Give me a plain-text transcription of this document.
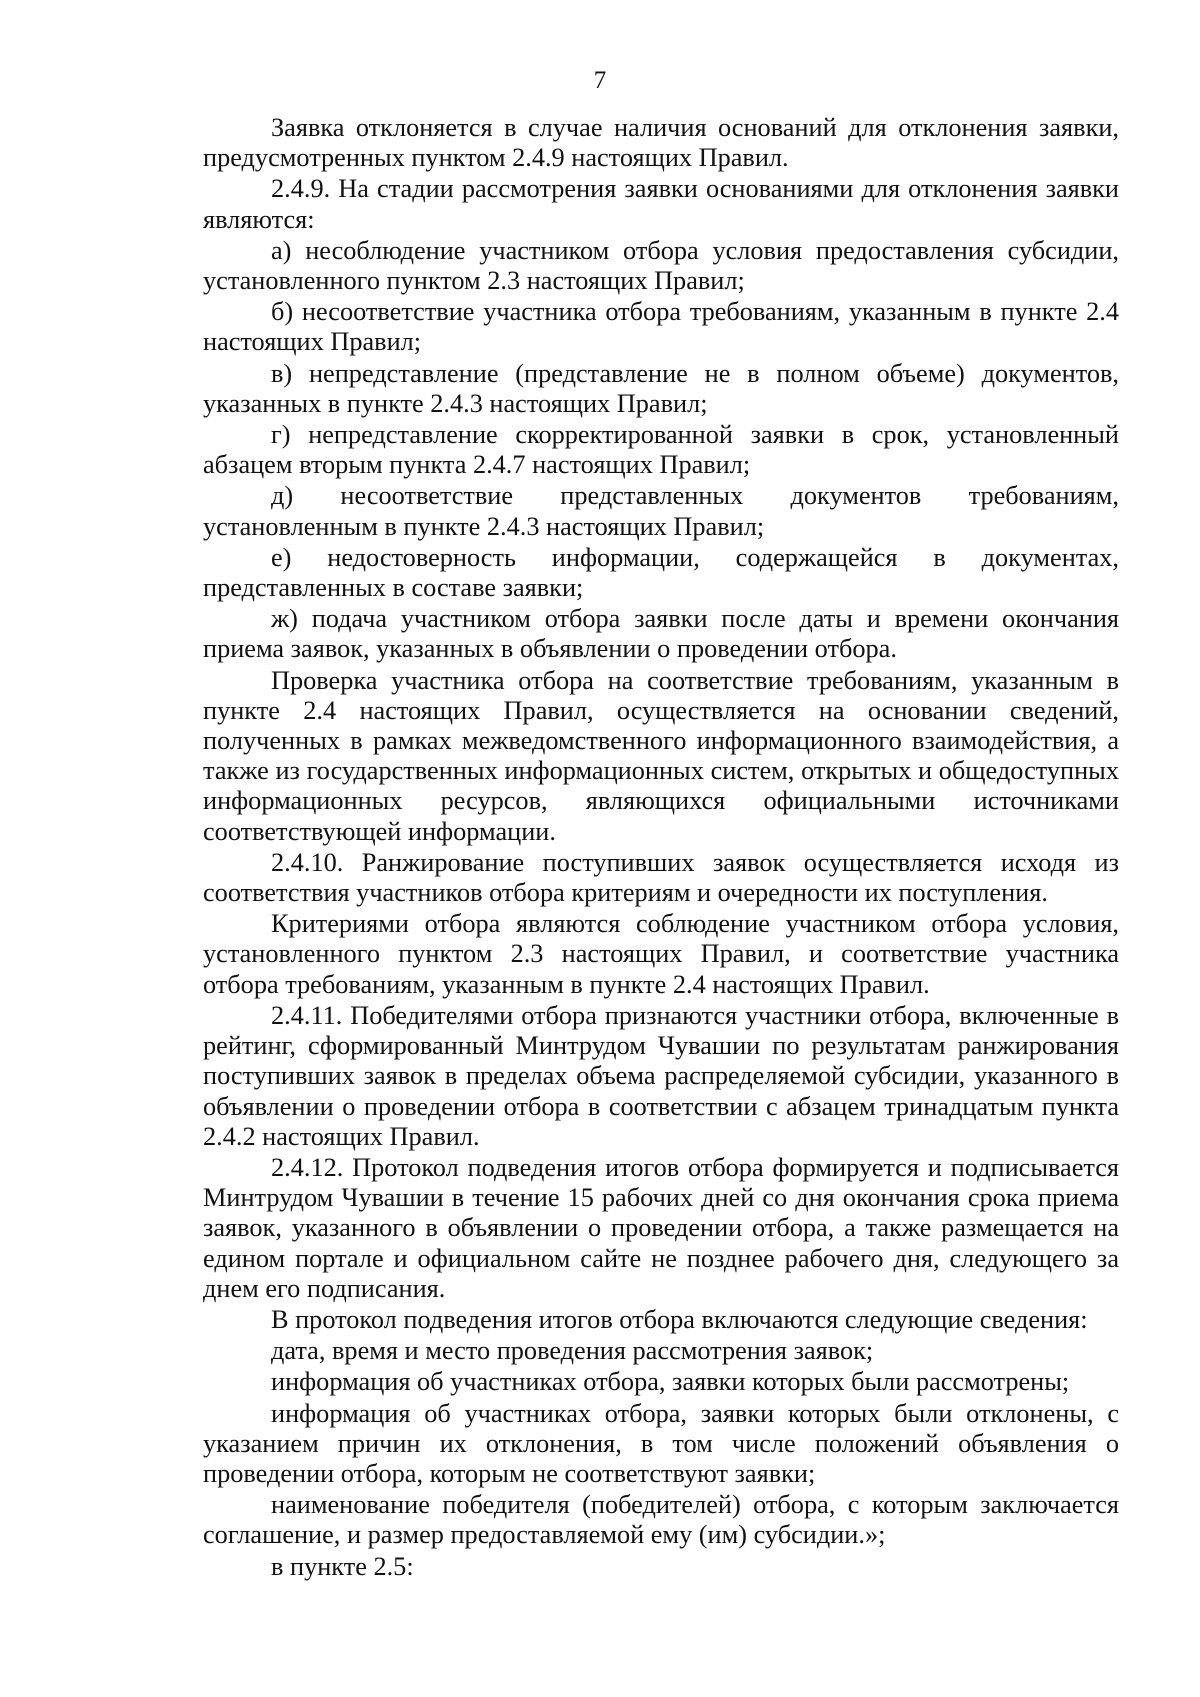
7

Заявка отклоняется в случае наличия оснований для отклонения заявки, предусмотренных пунктом 2.4.9 настоящих Правил.

2.4.9. На стадии рассмотрения заявки основаниями для отклонения заявки являются:

а) несоблюдение участником отбора условия предоставления субсидии, установленного пунктом 2.3 настоящих Правил;

б) несоответствие участника отбора требованиям, указанным в пункте 2.4 настоящих Правил;

в) непредставление (представление не в полном объеме) документов, указанных в пункте 2.4.3 настоящих Правил;

г) непредставление скорректированной заявки в срок, установленный абзацем вторым пункта 2.4.7 настоящих Правил;

д) несоответствие представленных документов требованиям, установленным в пункте 2.4.3 настоящих Правил;

е) недостоверность информации, содержащейся в документах, представленных в составе заявки;

ж) подача участником отбора заявки после даты и времени окончания приема заявок, указанных в объявлении о проведении отбора.

Проверка участника отбора на соответствие требованиям, указанным в пункте 2.4 настоящих Правил, осуществляется на основании сведений, полученных в рамках межведомственного информационного взаимодействия, а также из государственных информационных систем, открытых и общедоступных информационных ресурсов, являющихся официальными источниками соответствующей информации.

2.4.10. Ранжирование поступивших заявок осуществляется исходя из соответствия участников отбора критериям и очередности их поступления.

Критериями отбора являются соблюдение участником отбора условия, установленного пунктом 2.3 настоящих Правил, и соответствие участника отбора требованиям, указанным в пункте 2.4 настоящих Правил.

2.4.11. Победителями отбора признаются участники отбора, включенные в рейтинг, сформированный Минтрудом Чувашии по результатам ранжирования поступивших заявок в пределах объема распределяемой субсидии, указанного в объявлении о проведении отбора в соответствии с абзацем тринадцатым пункта 2.4.2 настоящих Правил.

2.4.12. Протокол подведения итогов отбора формируется и подписывается Минтрудом Чувашии в течение 15 рабочих дней со дня окончания срока приема заявок, указанного в объявлении о проведении отбора, а также размещается на едином портале и официальном сайте не позднее рабочего дня, следующего за днем его подписания.

В протокол подведения итогов отбора включаются следующие сведения:

дата, время и место проведения рассмотрения заявок;

информация об участниках отбора, заявки которых были рассмотрены;

информация об участниках отбора, заявки которых были отклонены, с указанием причин их отклонения, в том числе положений объявления о проведении отбора, которым не соответствуют заявки;

наименование победителя (победителей) отбора, с которым заключается соглашение, и размер предоставляемой ему (им) субсидии.»;

в пункте 2.5:
